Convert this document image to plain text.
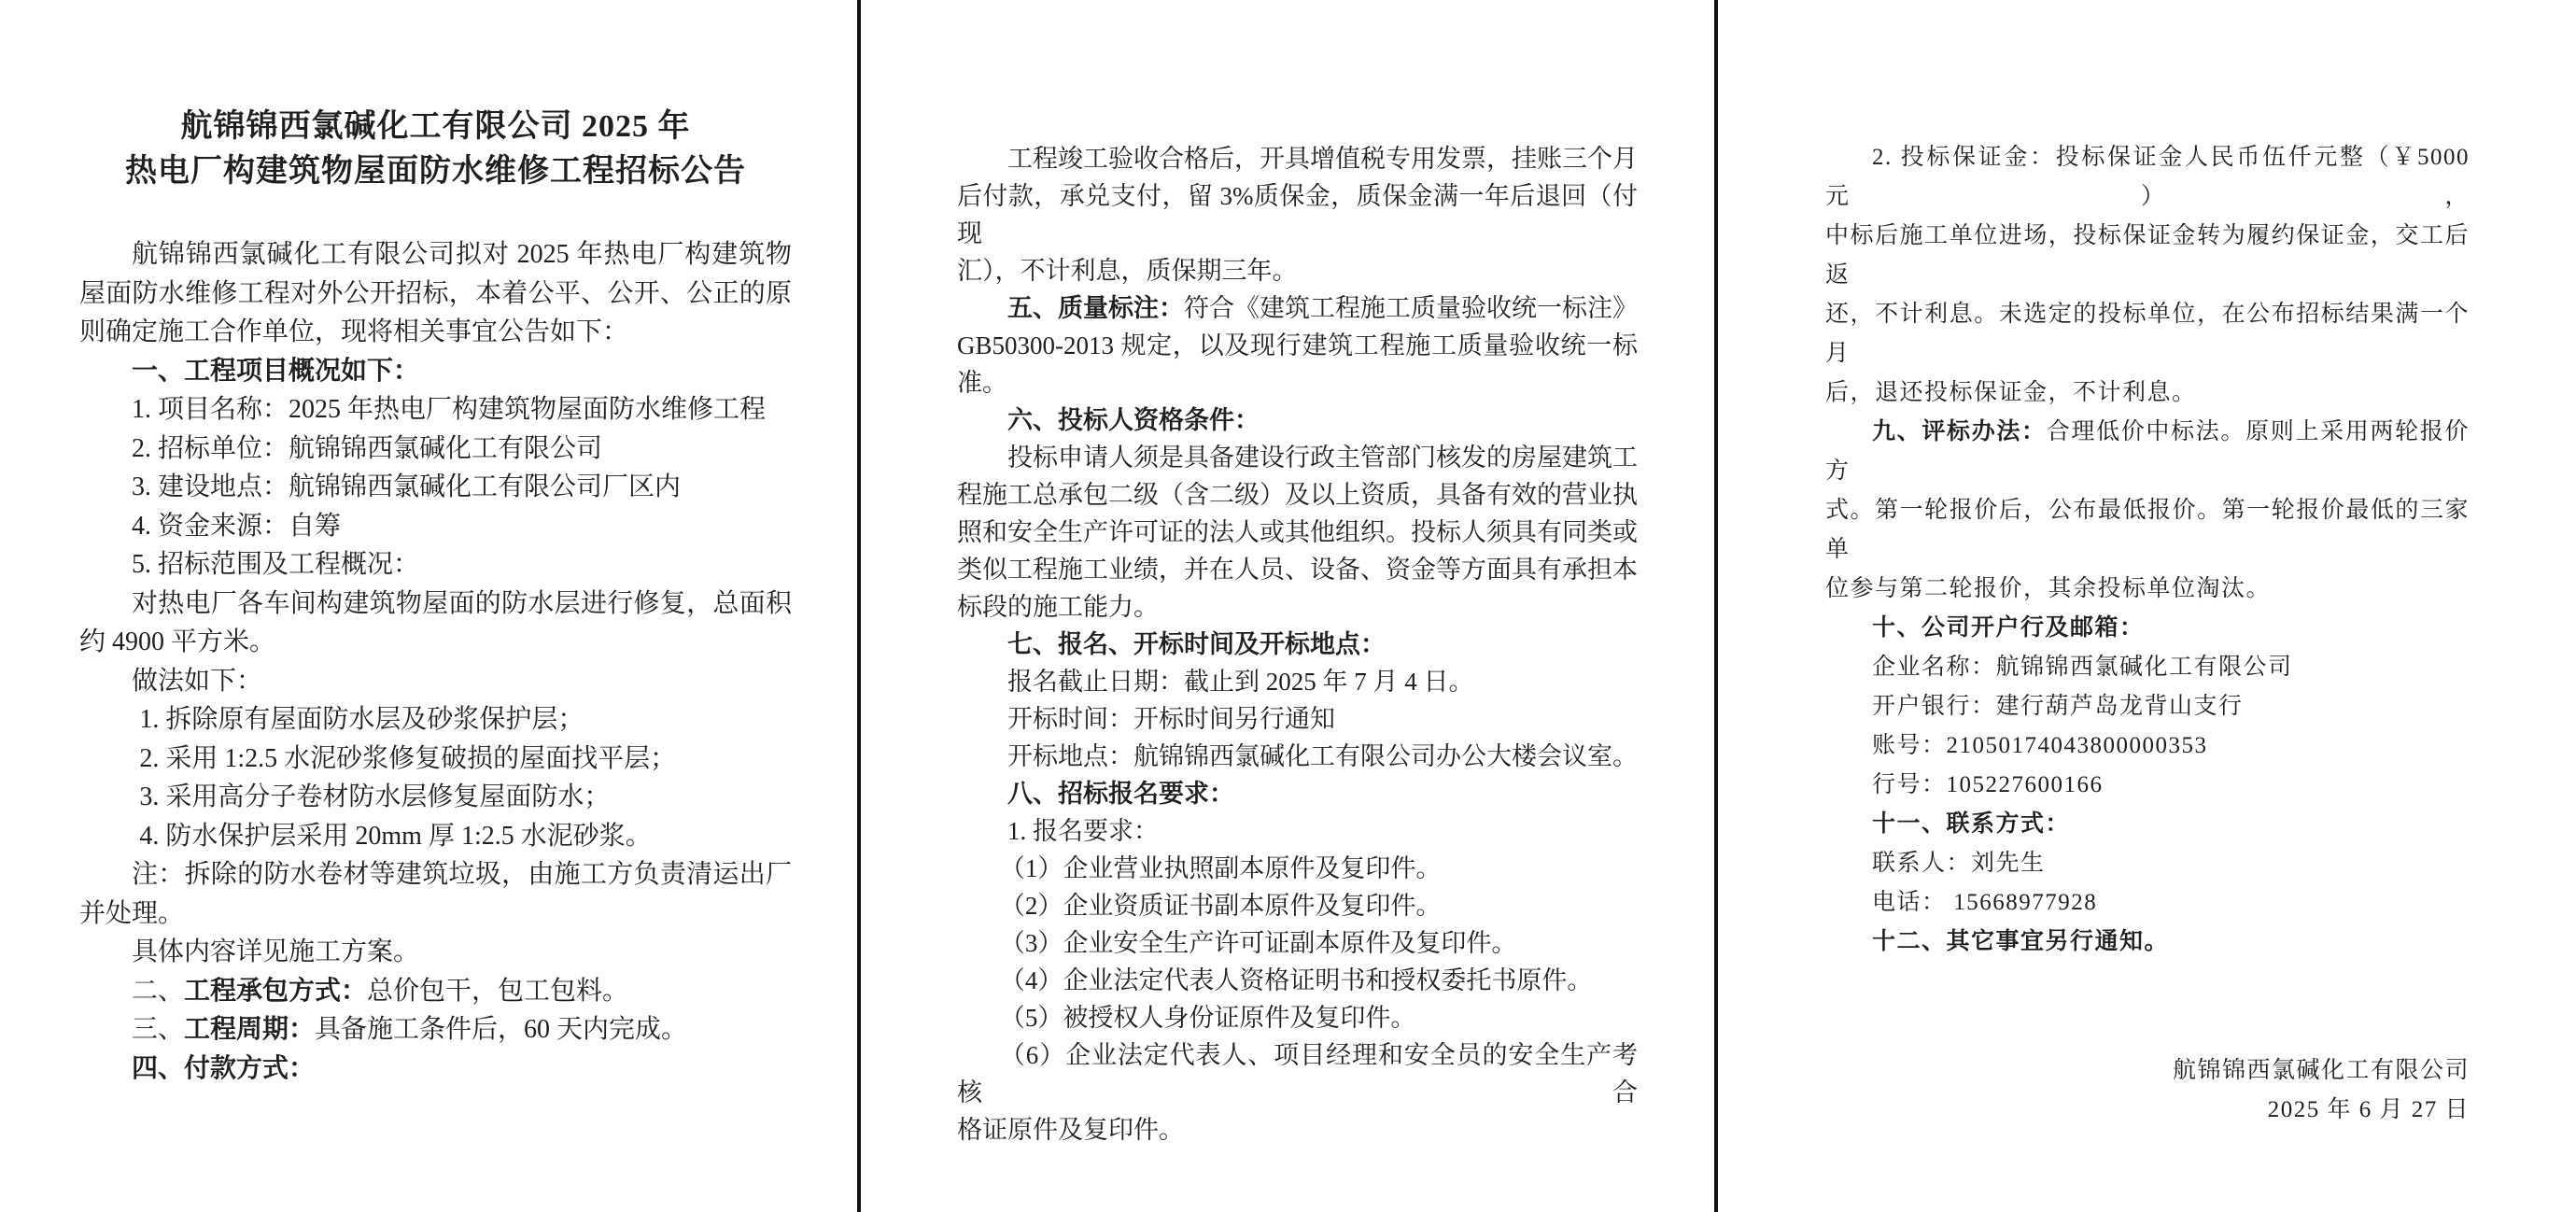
航锦锦西氯碱化工有限公司 2025 年
热电厂构建筑物屋面防水维修工程招标公告
航锦锦西氯碱化工有限公司拟对 2025 年热电厂构建筑物
屋面防水维修工程对外公开招标，本着公平、公开、公正的原
则确定施工合作单位，现将相关事宜公告如下：
一、工程项目概况如下：
1. 项目名称：2025 年热电厂构建筑物屋面防水维修工程
2. 招标单位：航锦锦西氯碱化工有限公司
3. 建设地点：航锦锦西氯碱化工有限公司厂区内
4. 资金来源：自筹
5. 招标范围及工程概况：
对热电厂各车间构建筑物屋面的防水层进行修复，总面积
约 4900 平方米。
做法如下：
1. 拆除原有屋面防水层及砂浆保护层；
2. 采用 1:2.5 水泥砂浆修复破损的屋面找平层；
3. 采用高分子卷材防水层修复屋面防水；
4. 防水保护层采用 20mm 厚 1:2.5 水泥砂浆。
注：拆除的防水卷材等建筑垃圾，由施工方负责清运出厂
并处理。
具体内容详见施工方案。
二、工程承包方式：总价包干，包工包料。
三、工程周期：具备施工条件后，60 天内完成。
四、付款方式：
工程竣工验收合格后，开具增值税专用发票，挂账三个月
后付款，承兑支付，留 3%质保金，质保金满一年后退回（付现
汇），不计利息，质保期三年。
五、质量标注：符合《建筑工程施工质量验收统一标注》
GB50300-2013 规定，以及现行建筑工程施工质量验收统一标
准。
六、投标人资格条件：
投标申请人须是具备建设行政主管部门核发的房屋建筑工
程施工总承包二级（含二级）及以上资质，具备有效的营业执
照和安全生产许可证的法人或其他组织。投标人须具有同类或
类似工程施工业绩，并在人员、设备、资金等方面具有承担本
标段的施工能力。
七、报名、开标时间及开标地点：
报名截止日期：截止到 2025 年 7 月 4 日。
开标时间：开标时间另行通知
开标地点：航锦锦西氯碱化工有限公司办公大楼会议室。
八、招标报名要求：
1. 报名要求：
（1）企业营业执照副本原件及复印件。
（2）企业资质证书副本原件及复印件。
（3）企业安全生产许可证副本原件及复印件。
（4）企业法定代表人资格证明书和授权委托书原件。
（5）被授权人身份证原件及复印件。
（6）企业法定代表人、项目经理和安全员的安全生产考核合
格证原件及复印件。
2. 投标保证金：投标保证金人民币伍仟元整（￥5000 元），
中标后施工单位进场，投标保证金转为履约保证金，交工后返
还，不计利息。未选定的投标单位，在公布招标结果满一个月
后，退还投标保证金，不计利息。
九、评标办法：合理低价中标法。原则上采用两轮报价方
式。第一轮报价后，公布最低报价。第一轮报价最低的三家单
位参与第二轮报价，其余投标单位淘汰。
十、公司开户行及邮箱：
企业名称：航锦锦西氯碱化工有限公司
开户银行：建行葫芦岛龙背山支行
账号：21050174043800000353
行号：105227600166
十一、联系方式：
联系人：刘先生
电话： 15668977928
十二、其它事宜另行通知。
航锦锦西氯碱化工有限公司
2025 年 6 月 27 日
